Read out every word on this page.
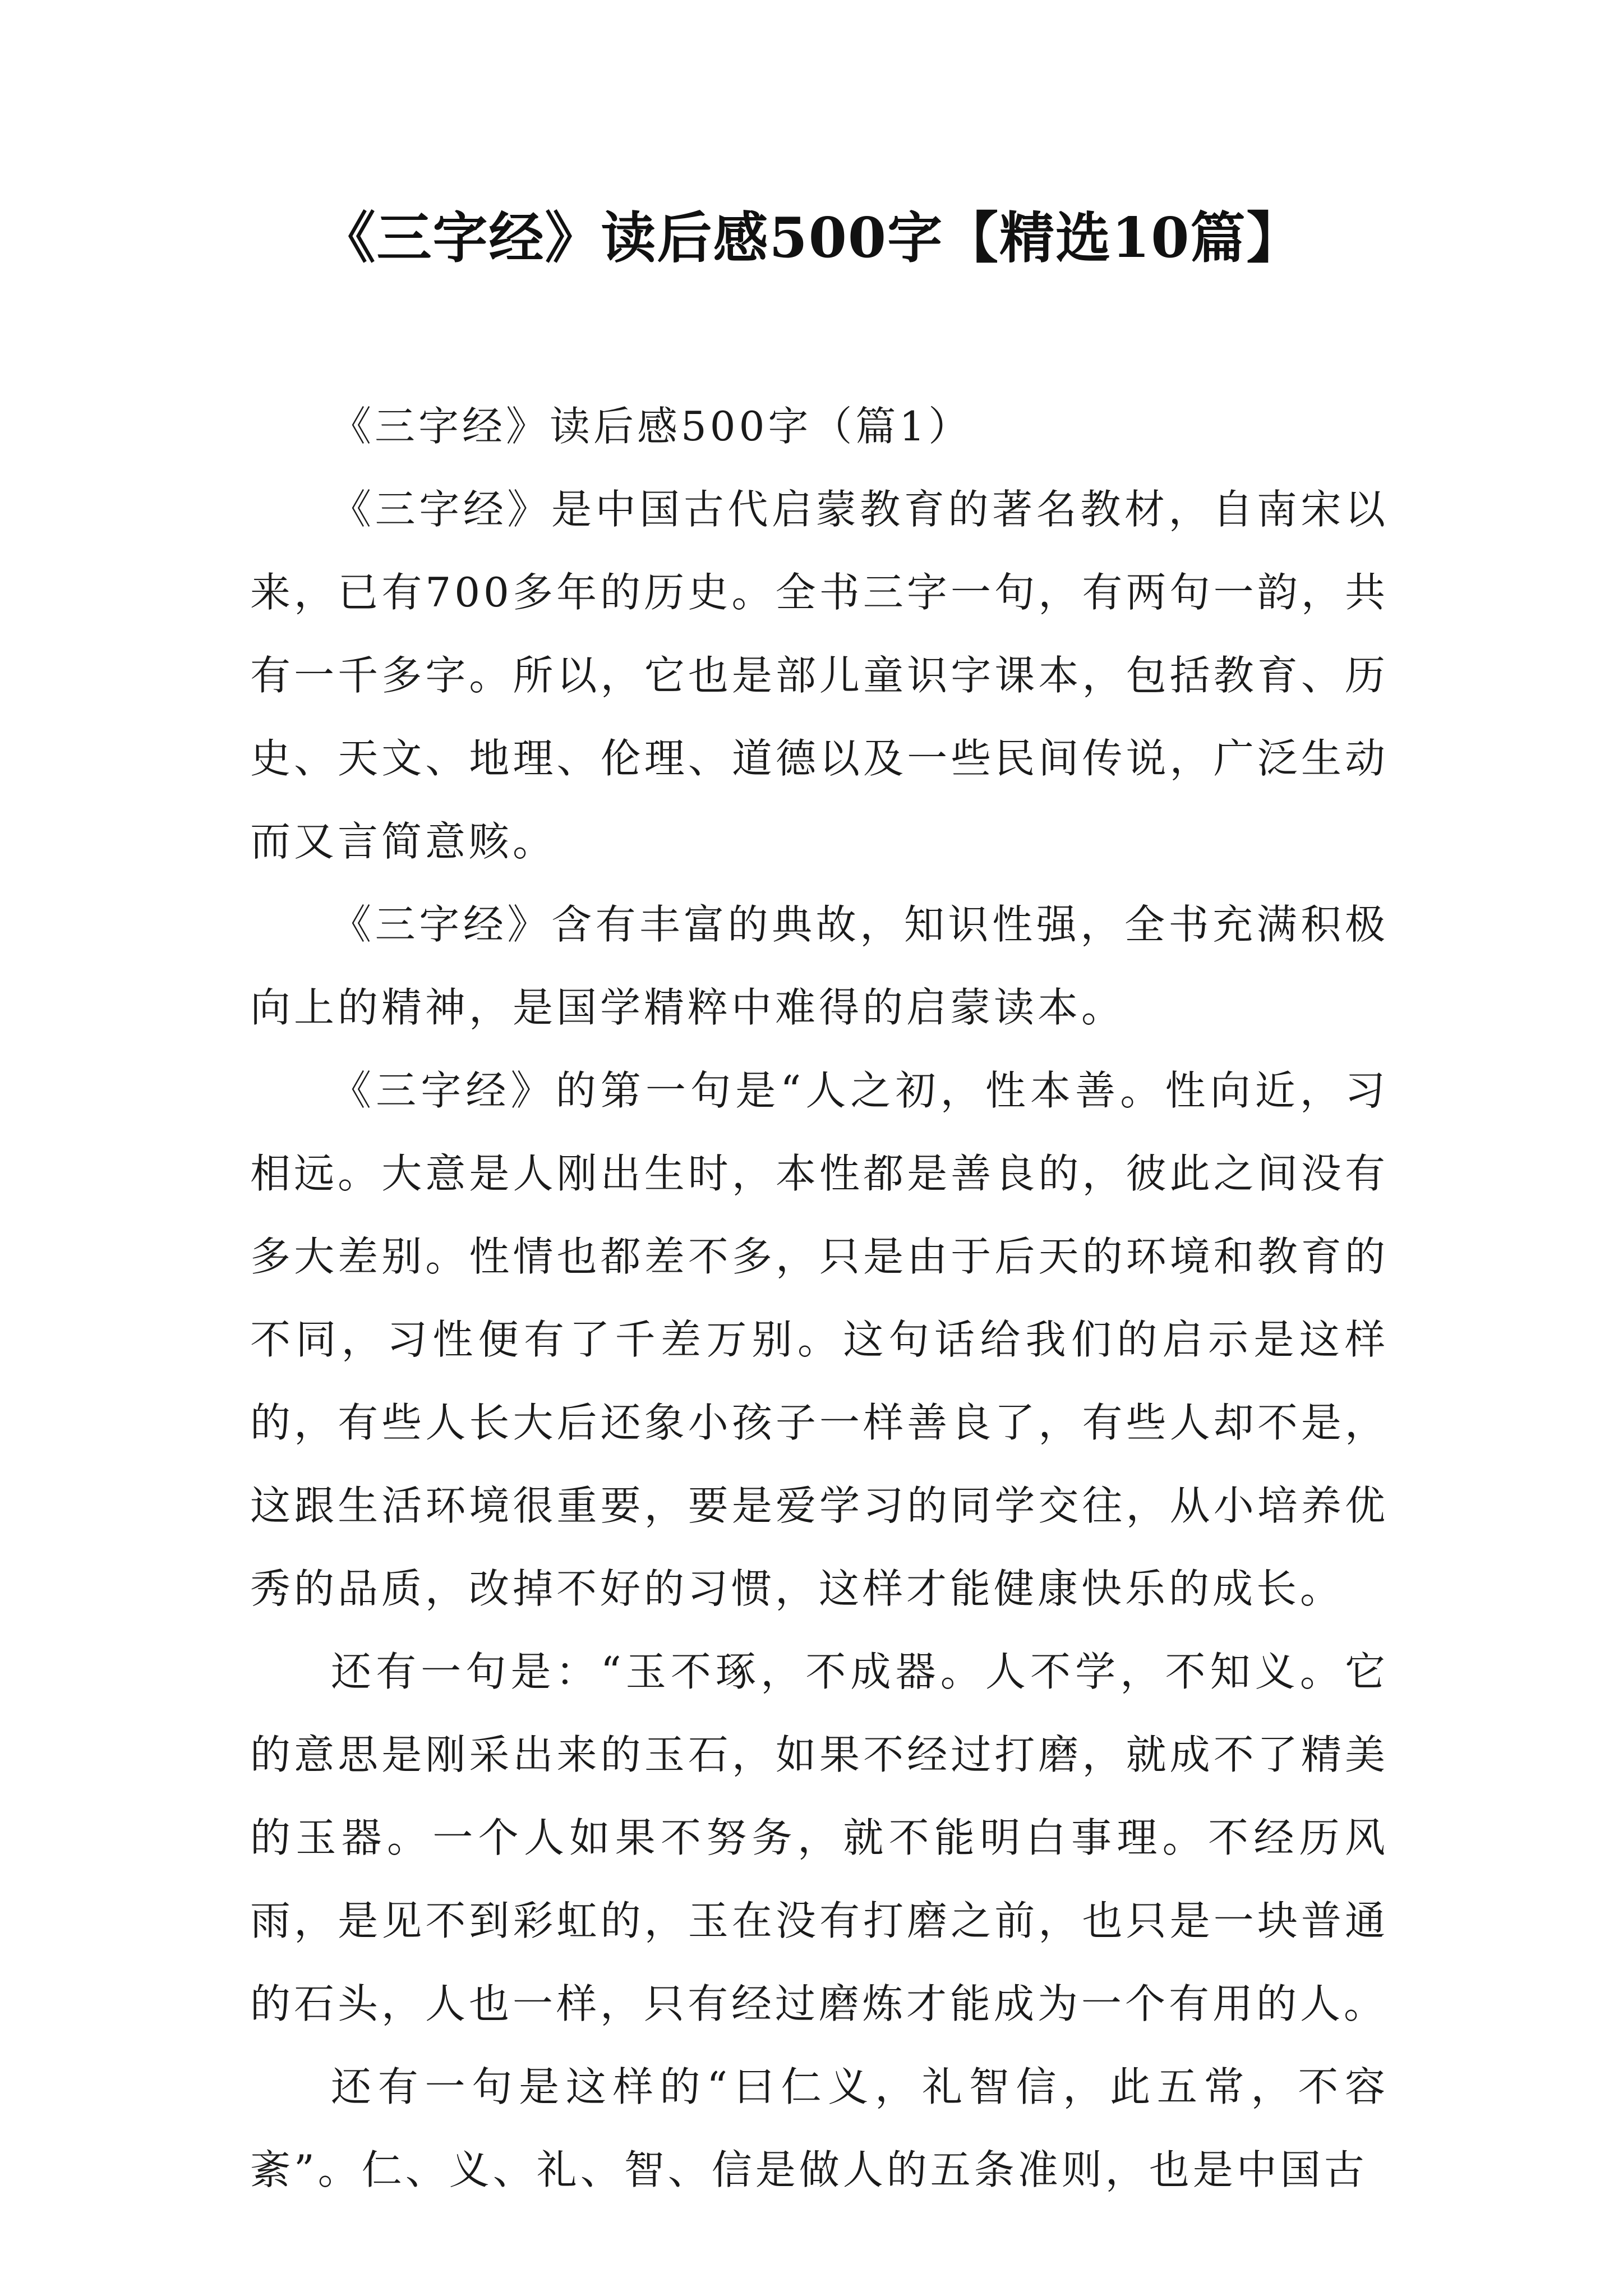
《三字经》读后感500字【精选10篇】

《三字经》读后感500字（篇1）

《三字经》是中国古代启蒙教育的著名教材，自南宋以来，已有700多年的历史。全书三字一句，有两句一韵，共有一千多字。所以，它也是部儿童识字课本，包括教育、历史、天文、地理、伦理、道德以及一些民间传说，广泛生动而又言简意赅。

《三字经》含有丰富的典故，知识性强，全书充满积极向上的精神，是国学精粹中难得的启蒙读本。

《三字经》的第一句是“人之初，性本善。性向近，习相远。大意是人刚出生时，本性都是善良的，彼此之间没有多大差别。性情也都差不多，只是由于后天的环境和教育的不同，习性便有了千差万别。这句话给我们的启示是这样的，有些人长大后还象小孩子一样善良了，有些人却不是，这跟生活环境很重要，要是爱学习的同学交往，从小培养优秀的品质，改掉不好的习惯，这样才能健康快乐的成长。

还有一句是：“玉不琢，不成器。人不学，不知义。它的意思是刚采出来的玉石，如果不经过打磨，就成不了精美的玉器。一个人如果不努务，就不能明白事理。不经历风雨，是见不到彩虹的，玉在没有打磨之前，也只是一块普通的石头，人也一样，只有经过磨炼才能成为一个有用的人。

还有一句是这样的“曰仁义，礼智信，此五常，不容紊”。仁、义、礼、智、信是做人的五条准则，也是中国古
